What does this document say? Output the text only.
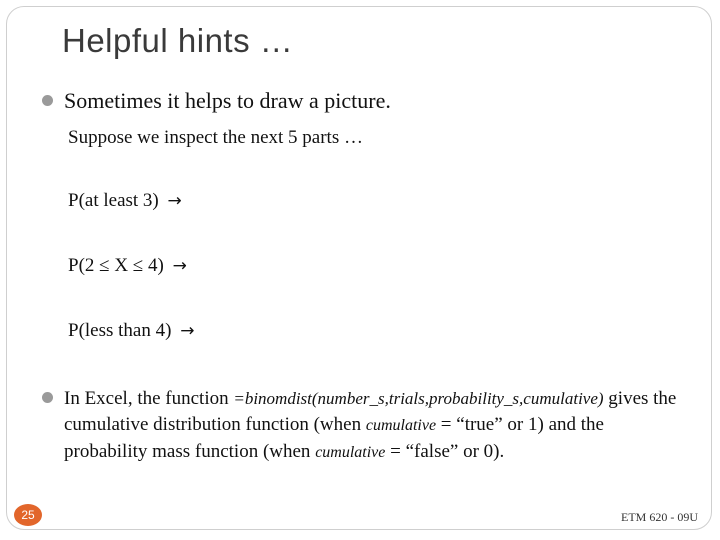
Helpful hints …
Sometimes it helps to draw a picture.
Suppose we inspect the next 5 parts …
P(at least 3) →
P(2 ≤ X ≤ 4) →
P(less than 4) →
In Excel, the function =binomdist(number_s,trials,probability_s,cumulative) gives the cumulative distribution function (when cumulative = “true” or 1) and the probability mass function (when cumulative = “false” or 0).
25	ETM 620 - 09U
